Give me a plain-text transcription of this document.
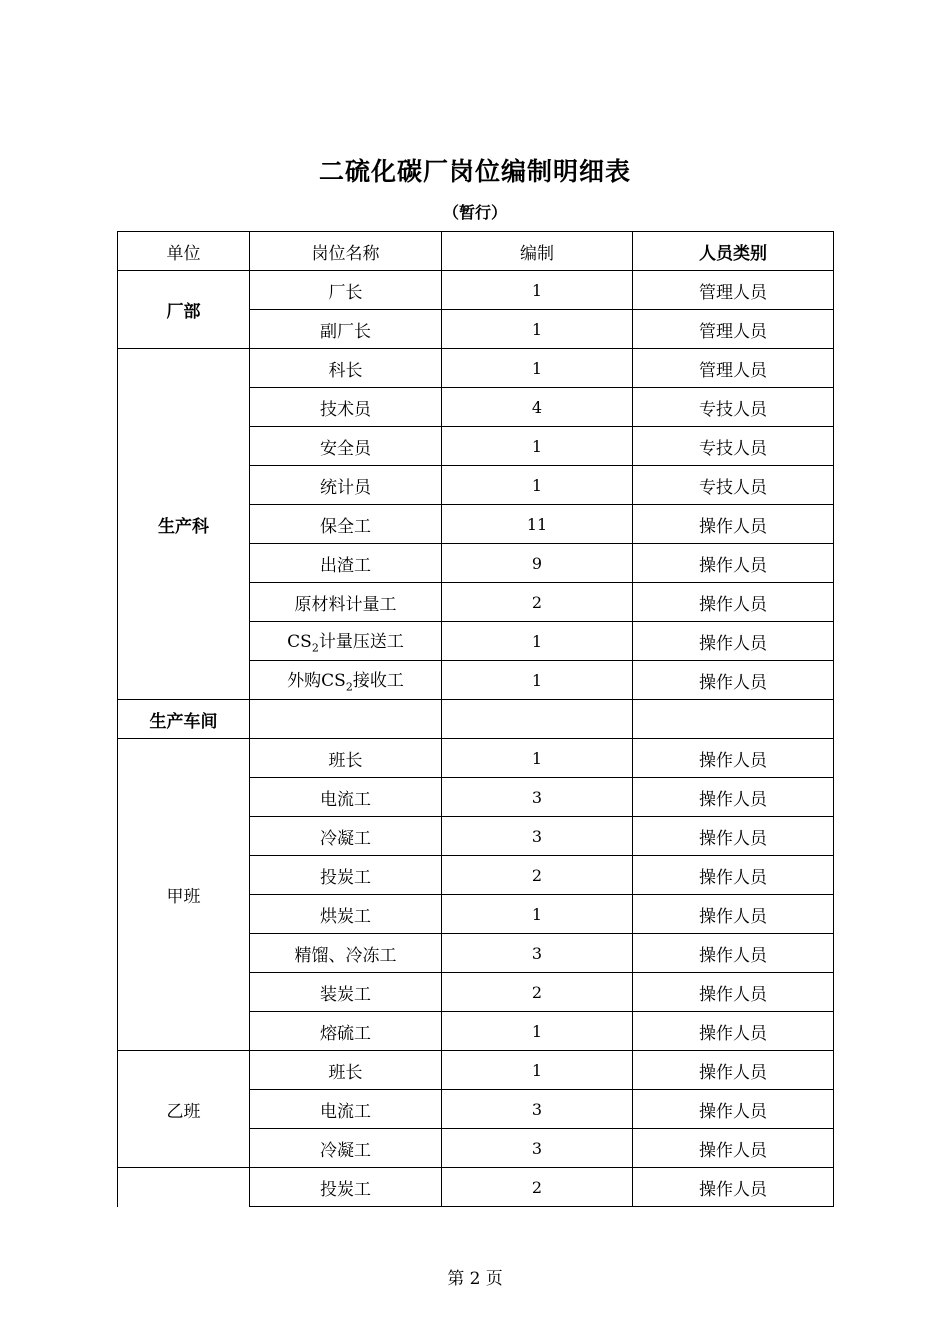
二硫化碳厂岗位编制明细表
（暂行）
单位	岗位名称	编制	人员类别
厂部	厂长	1	管理人员
	副厂长	1	管理人员
生产科	科长	1	管理人员
	技术员	4	专技人员
	安全员	1	专技人员
	统计员	1	专技人员
	保全工	11	操作人员
	出渣工	9	操作人员
	原材料计量工	2	操作人员
	$CS_2$计量压送工	1	操作人员
	外购$CS_2$接收工	1	操作人员
生产车间			
甲班	班长	1	操作人员
	电流工	3	操作人员
	冷凝工	3	操作人员
	投炭工	2	操作人员
	烘炭工	1	操作人员
	精馏、冷冻工	3	操作人员
	装炭工	2	操作人员
	熔硫工	1	操作人员
乙班	班长	1	操作人员
	电流工	3	操作人员
	冷凝工	3	操作人员
	投炭工	2	操作人员
第 2 页
